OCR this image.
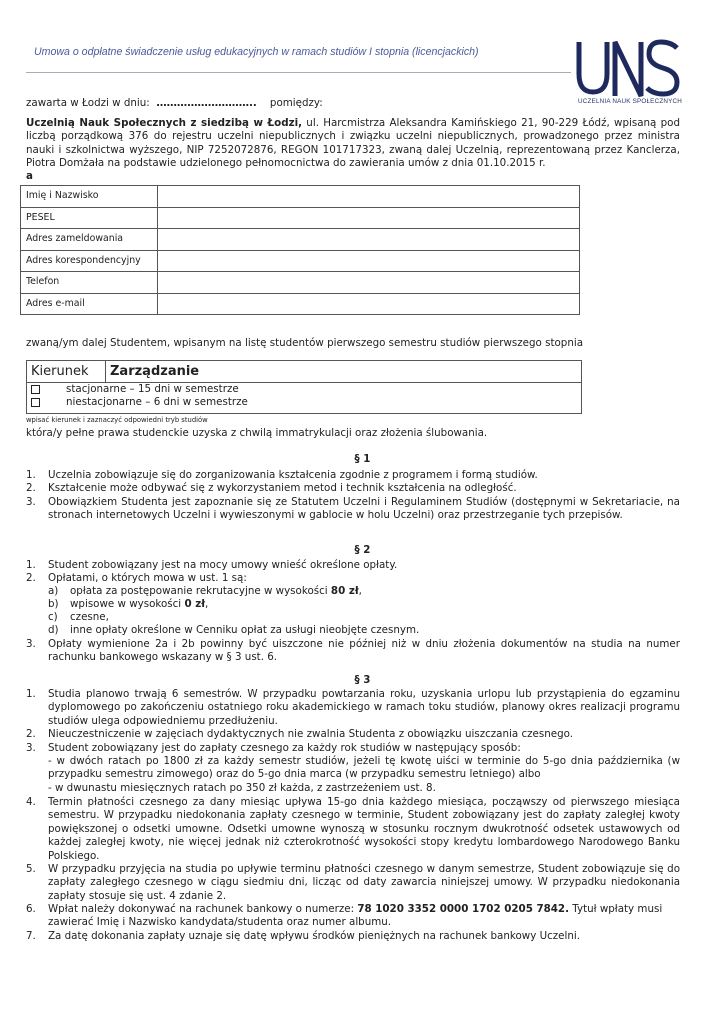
Umowa o odpłatne świadczenie usług edukacyjnych w ramach studiów I stopnia (licencjackich)
UCZELNIA NAUK SPOŁECZNYCH
zawarta w Łodzi w dniu: ……………………….. pomiędzy:
Uczelnią Nauk Społecznych z siedzibą w Łodzi, ul. Harcmistrza Aleksandra Kamińskiego 21, 90-229 Łódź, wpisaną pod liczbą porządkową 376 do rejestru uczelni niepublicznych i związku uczelni niepublicznych, prowadzonego przez ministra nauki i szkolnictwa wyższego, NIP 7252072876, REGON 101717323, zwaną dalej Uczelnią, reprezentowaną przez Kanclerza, Piotra Domżała na podstawie udzielonego pełnomocnictwa do zawierania umów z dnia 01.10.2015 r.
a
Imię i Nazwisko	
PESEL	
Adres zameldowania	
Adres korespondencyjny	
Telefon	
Adres e-mail	
zwaną/ym dalej Studentem, wpisanym na listę studentów pierwszego semestru studiów pierwszego stopnia
Kierunek	Zarządzanie
stacjonarne – 15 dni w semestrze
niestacjonarne – 6 dni w semestrze
wpisać kierunek i zaznaczyć odpowiedni tryb studiów
która/y pełne prawa studenckie uzyska z chwilą immatrykulacji oraz złożenia ślubowania.
§ 1
1. Uczelnia zobowiązuje się do zorganizowania kształcenia zgodnie z programem i formą studiów.
2. Kształcenie może odbywać się z wykorzystaniem metod i technik kształcenia na odległość.
3. Obowiązkiem Studenta jest zapoznanie się ze Statutem Uczelni i Regulaminem Studiów (dostępnymi w Sekretariacie, na stronach internetowych Uczelni i wywieszonymi w gablocie w holu Uczelni) oraz przestrzeganie tych przepisów.
§ 2
1. Student zobowiązany jest na mocy umowy wnieść określone opłaty.
2. Opłatami, o których mowa w ust. 1 są:
a) opłata za postępowanie rekrutacyjne w wysokości 80 zł,
b) wpisowe w wysokości 0 zł,
c) czesne,
d) inne opłaty określone w Cenniku opłat za usługi nieobjęte czesnym.
3. Opłaty wymienione 2a i 2b powinny być uiszczone nie później niż w dniu złożenia dokumentów na studia na numer rachunku bankowego wskazany w § 3 ust. 6.
§ 3
1. Studia planowo trwają 6 semestrów. W przypadku powtarzania roku, uzyskania urlopu lub przystąpienia do egzaminu dyplomowego po zakończeniu ostatniego roku akademickiego w ramach toku studiów, planowy okres realizacji programu studiów ulega odpowiedniemu przedłużeniu.
2. Nieuczestniczenie w zajęciach dydaktycznych nie zwalnia Studenta z obowiązku uiszczania czesnego.
3. Student zobowiązany jest do zapłaty czesnego za każdy rok studiów w następujący sposób:
- w dwóch ratach po 1800 zł za każdy semestr studiów, jeżeli tę kwotę uiści w terminie do 5-go dnia października (w przypadku semestru zimowego) oraz do 5-go dnia marca (w przypadku semestru letniego) albo
- w dwunastu miesięcznych ratach po 350 zł każda, z zastrzeżeniem ust. 8.
4. Termin płatności czesnego za dany miesiąc upływa 15-go dnia każdego miesiąca, począwszy od pierwszego miesiąca semestru. W przypadku niedokonania zapłaty czesnego w terminie, Student zobowiązany jest do zapłaty zaległej kwoty powiększonej o odsetki umowne. Odsetki umowne wynoszą w stosunku rocznym dwukrotność odsetek ustawowych od każdej zaległej kwoty, nie więcej jednak niż czterokrotność wysokości stopy kredytu lombardowego Narodowego Banku Polskiego.
5. W przypadku przyjęcia na studia po upływie terminu płatności czesnego w danym semestrze, Student zobowiązuje się do zapłaty zaległego czesnego w ciągu siedmiu dni, licząc od daty zawarcia niniejszej umowy. W przypadku niedokonania zapłaty stosuje się ust. 4 zdanie 2.
6. Wpłat należy dokonywać na rachunek bankowy o numerze: 78 1020 3352 0000 1702 0205 7842. Tytuł wpłaty musi zawierać Imię i Nazwisko kandydata/studenta oraz numer albumu.
7. Za datę dokonania zapłaty uznaje się datę wpływu środków pieniężnych na rachunek bankowy Uczelni.
